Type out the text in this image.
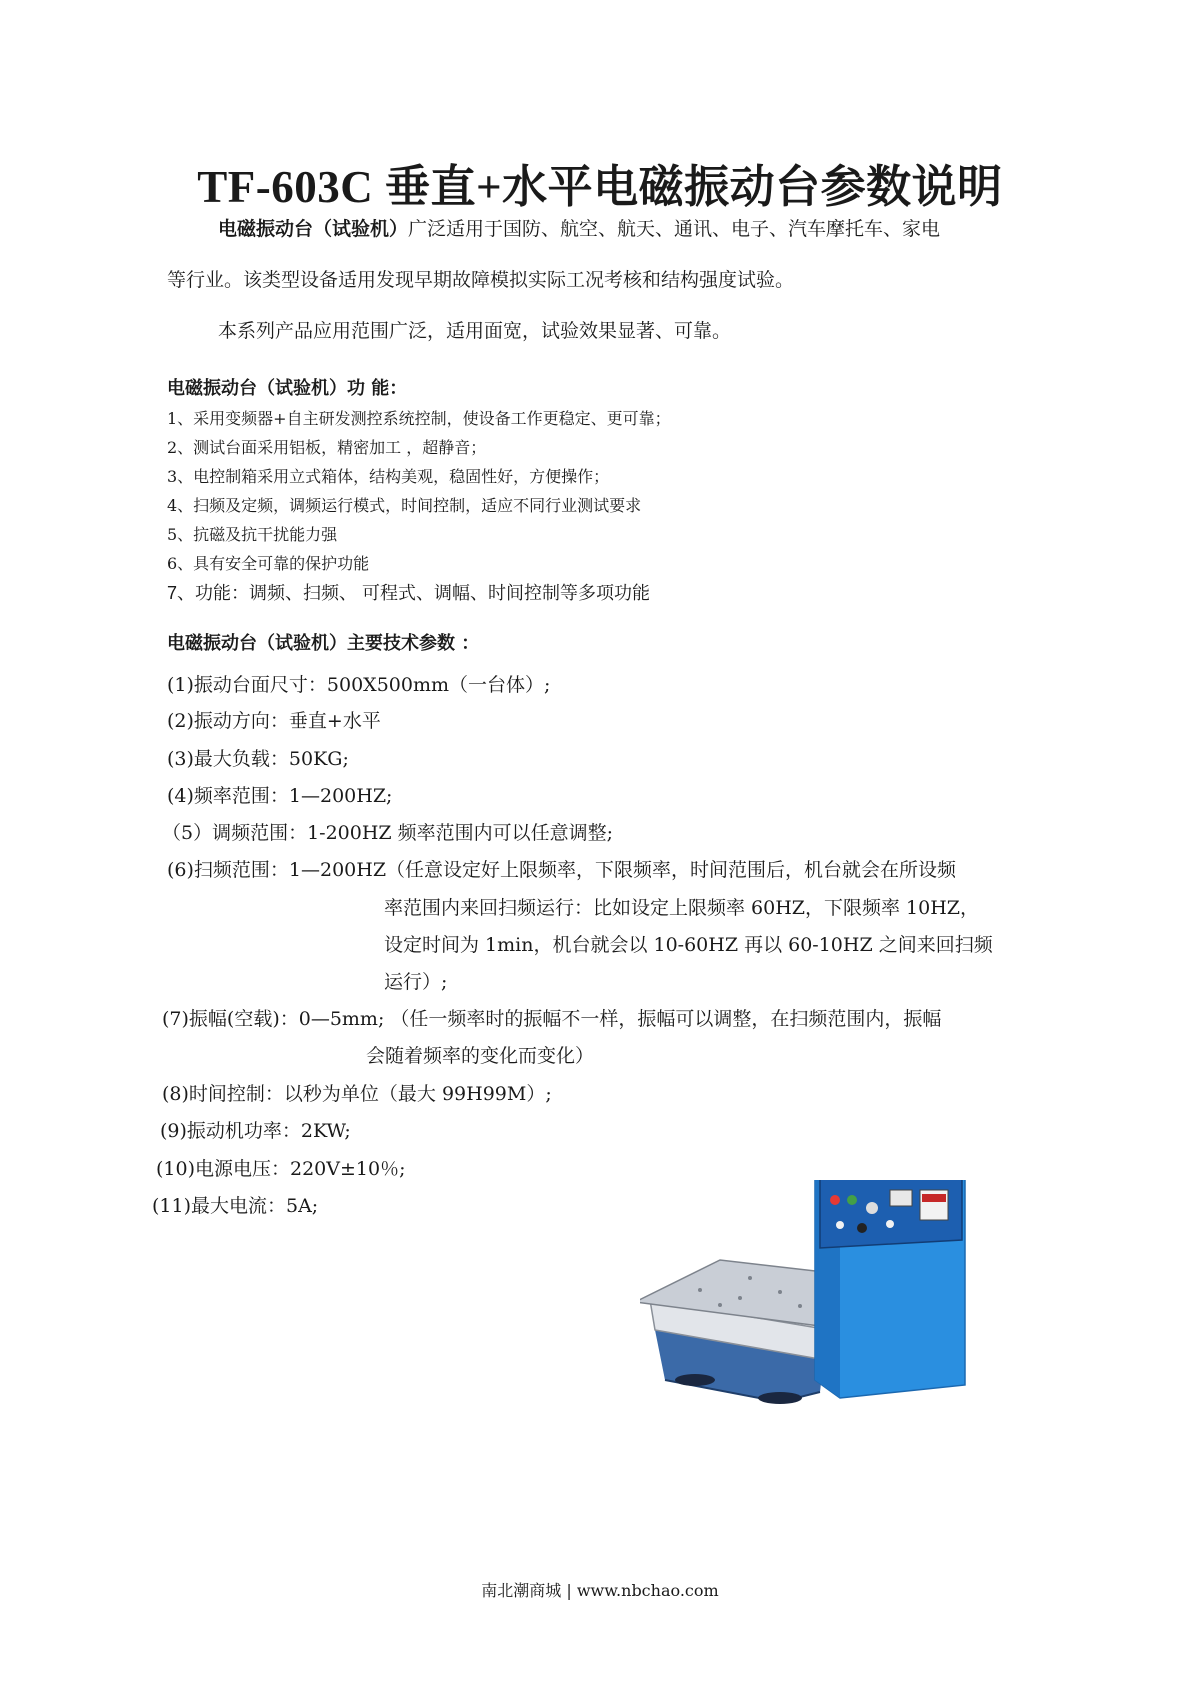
TF-603C 垂直+水平电磁振动台参数说明
电磁振动台（试验机）广泛适用于国防、航空、航天、通讯、电子、汽车摩托车、家电
等行业。该类型设备适用发现早期故障模拟实际工况考核和结构强度试验。
本系列产品应用范围广泛，适用面宽，试验效果显著、可靠。
电磁振动台（试验机）功 能：
1、采用变频器+自主研发测控系统控制，使设备工作更稳定、更可靠；
2、测试台面采用铝板，精密加工 ，超静音；
3、电控制箱采用立式箱体，结构美观，稳固性好，方便操作；
4、扫频及定频，调频运行模式，时间控制，适应不同行业测试要求
5、抗磁及抗干扰能力强
6、具有安全可靠的保护功能
7、功能：调频、扫频、 可程式、调幅、时间控制等多项功能
电磁振动台（试验机）主要技术参数 ：
(1)振动台面尺寸：500X500mm（一台体）;
(2)振动方向：垂直+水平
(3)最大负载：50KG;
(4)频率范围：1—200HZ;
（5）调频范围：1-200HZ 频率范围内可以任意调整;
(6)扫频范围：1—200HZ（任意设定好上限频率，下限频率，时间范围后，机台就会在所设频
率范围内来回扫频运行：比如设定上限频率 60HZ，下限频率 10HZ，
设定时间为 1min，机台就会以 10-60HZ 再以 60-10HZ 之间来回扫频
运行）;
(7)振幅(空载)：0—5mm; （任一频率时的振幅不一样，振幅可以调整，在扫频范围内，振幅
会随着频率的变化而变化）
(8)时间控制：以秒为单位（最大 99H99M）;
(9)振动机功率：2KW;
(10)电源电压：220V±10％;
(11)最大电流：5A;
南北潮商城 | www.nbchao.com
